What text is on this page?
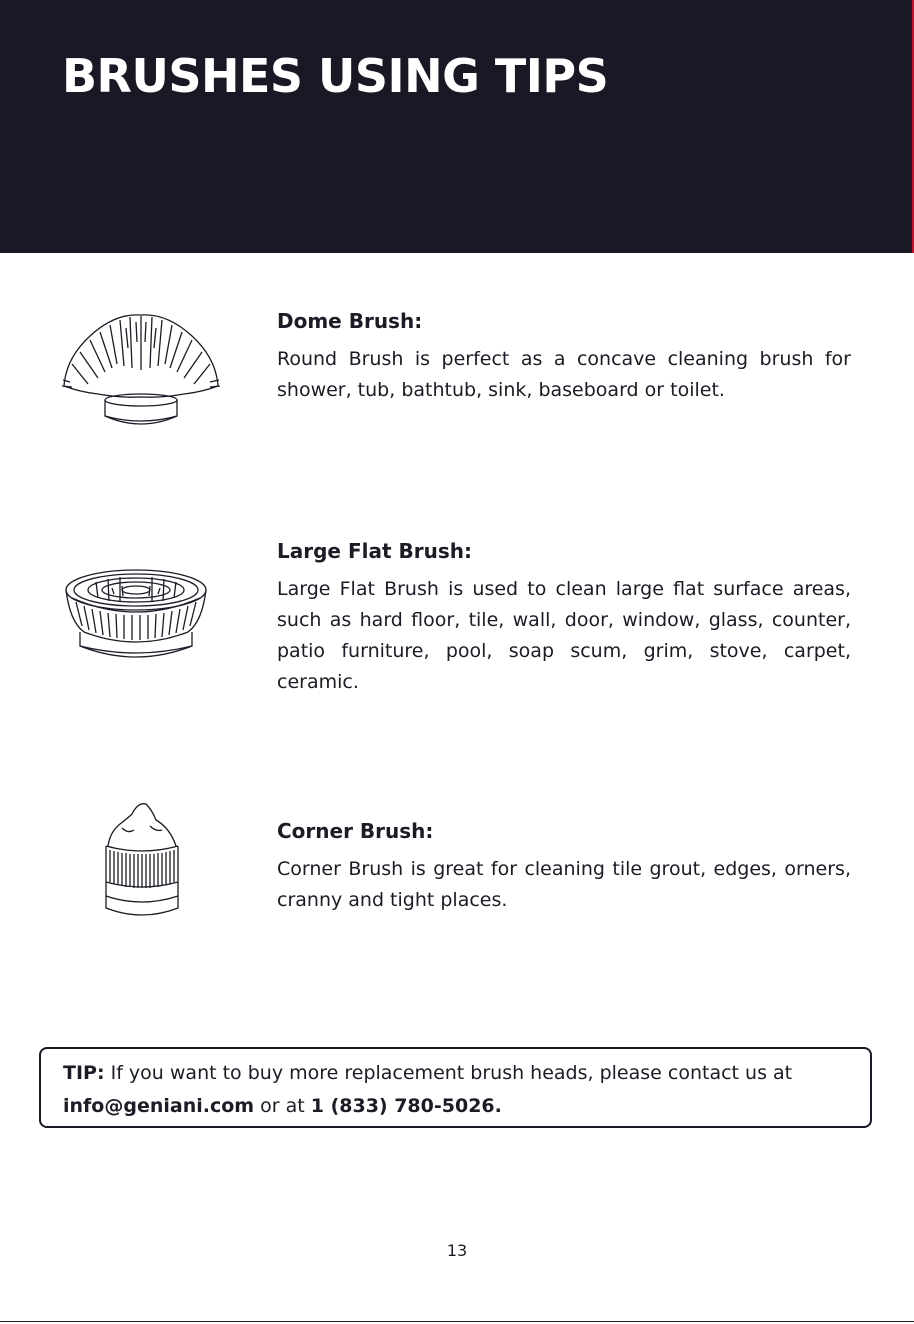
BRUSHES USING TIPS

Dome Brush:

Round Brush is perfect as a concave cleaning brush for shower, tub, bathtub, sink, baseboard or toilet.

Large Flat Brush:

Large Flat Brush is used to clean large flat surface areas, such as hard floor, tile, wall, door, window, glass, counter, patio furniture, pool, soap scum, grim, stove, carpet, ceramic.

Corner Brush:

Corner Brush is great for cleaning tile grout, edges, orners, cranny and tight places.

TIP: If you want to buy more replacement brush heads, please contact us at info@geniani.com or at 1 (833) 780-5026.
13
